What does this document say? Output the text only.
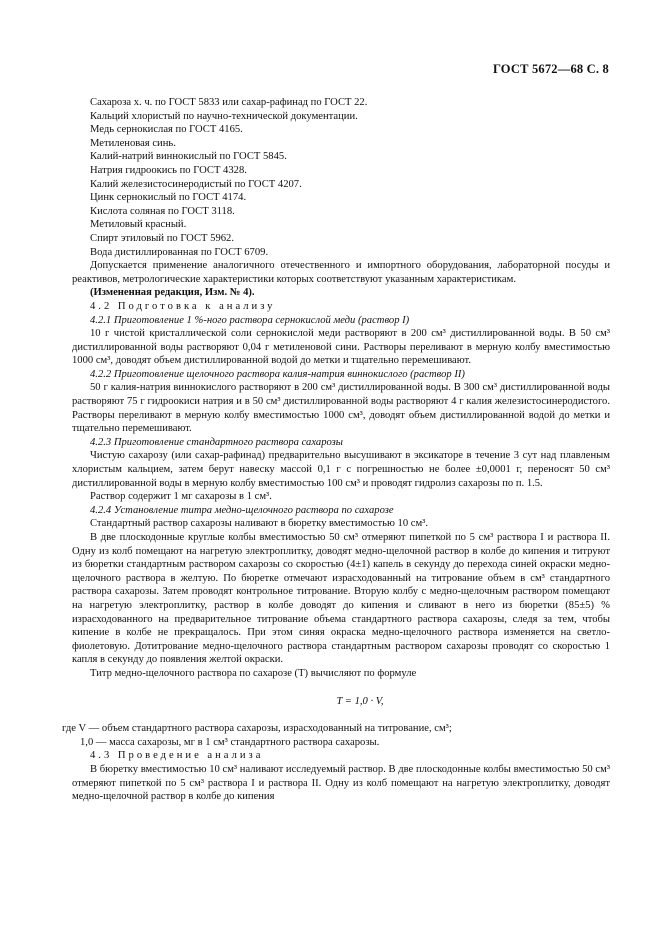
ГОСТ 5672—68 С. 8
Сахароза х. ч. по ГОСТ 5833 или сахар-рафинад по ГОСТ 22.
Кальций хлористый по научно-технической документации.
Медь сернокислая по ГОСТ 4165.
Метиленовая синь.
Калий-натрий виннокислый по ГОСТ 5845.
Натрия гидроокись по ГОСТ 4328.
Калий железистосинеродистый по ГОСТ 4207.
Цинк сернокислый по ГОСТ 4174.
Кислота соляная по ГОСТ 3118.
Метиловый красный.
Спирт этиловый по ГОСТ 5962.
Вода дистиллированная по ГОСТ 6709.

Допускается применение аналогичного отечественного и импортного оборудования, лабораторной посуды и реактивов, метрологические характеристики которых соответствуют указанным характеристикам.

(Измененная редакция, Изм. № 4).
4.2 Подготовка к анализу
4.2.1 Приготовление 1 %-ного раствора сернокислой меди (раствор I)

10 г чистой кристаллической соли сернокислой меди растворяют в 200 см³ дистиллированной воды. В 50 см³ дистиллированной воды растворяют 0,04 г метиленовой сини. Растворы переливают в мерную колбу вместимостью 1000 см³, доводят объем дистиллированной водой до метки и тщательно перемешивают.

4.2.2 Приготовление щелочного раствора калия-натрия виннокислого (раствор II)

50 г калия-натрия виннокислого растворяют в 200 см³ дистиллированной воды. В 300 см³ дистиллированной воды растворяют 75 г гидроокиси натрия и в 50 см³ дистиллированной воды растворяют 4 г калия железистосинеродистого. Растворы переливают в мерную колбу вместимостью 1000 см³, доводят объем дистиллированной водой до метки и тщательно перемешивают.

4.2.3 Приготовление стандартного раствора сахарозы

Чистую сахарозу (или сахар-рафинад) предварительно высушивают в эксикаторе в течение 3 сут над плавленым хлористым кальцием, затем берут навеску массой 0,1 г с погрешностью не более ±0,0001 г, переносят 50 см³ дистиллированной воды в мерную колбу вместимостью 100 см³ и проводят гидролиз сахарозы по п. 1.5.

Раствор содержит 1 мг сахарозы в 1 см³.
4.2.4 Установление титра медно-щелочного раствора по сахарозе
Стандартный раствор сахарозы наливают в бюретку вместимостью 10 см³.

В две плоскодонные круглые колбы вместимостью 50 см³ отмеряют пипеткой по 5 см³ раствора I и раствора II. Одну из колб помещают на нагретую электроплитку, доводят медно-щелочной раствор в колбе до кипения и титруют из бюретки стандартным раствором сахарозы со скоростью (4±1) капель в секунду до перехода синей окраски медно-щелочного раствора в желтую. По бюретке отмечают израсходованный на титрование объем в см³ стандартного раствора сахарозы. Затем проводят контрольное титрование. Вторую колбу с медно-щелочным раствором помещают на нагретую электроплитку, раствор в колбе доводят до кипения и сливают в него из бюретки (85±5) % израсходованного на предварительное титрование объема стандартного раствора сахарозы, следя за тем, чтобы кипение в колбе не прекращалось. При этом синяя окраска медно-щелочного раствора изменяется на светло-фиолетовую. Дотитрование медно-щелочного раствора стандартным раствором сахарозы проводят со скоростью 1 капля в секунду до появления желтой окраски.

Титр медно-щелочного раствора по сахарозе (T) вычисляют по формуле
T = 1,0 · V,
где V — объем стандартного раствора сахарозы, израсходованный на титрование, см³;
1,0 — масса сахарозы, мг в 1 см³ стандартного раствора сахарозы.
4.3 Проведение анализа

В бюретку вместимостью 10 см³ наливают исследуемый раствор. В две плоскодонные колбы вместимостью 50 см³ отмеряют пипеткой по 5 см³ раствора I и раствора II. Одну из колб помещают на нагретую электроплитку, доводят медно-щелочной раствор в колбе до кипения
